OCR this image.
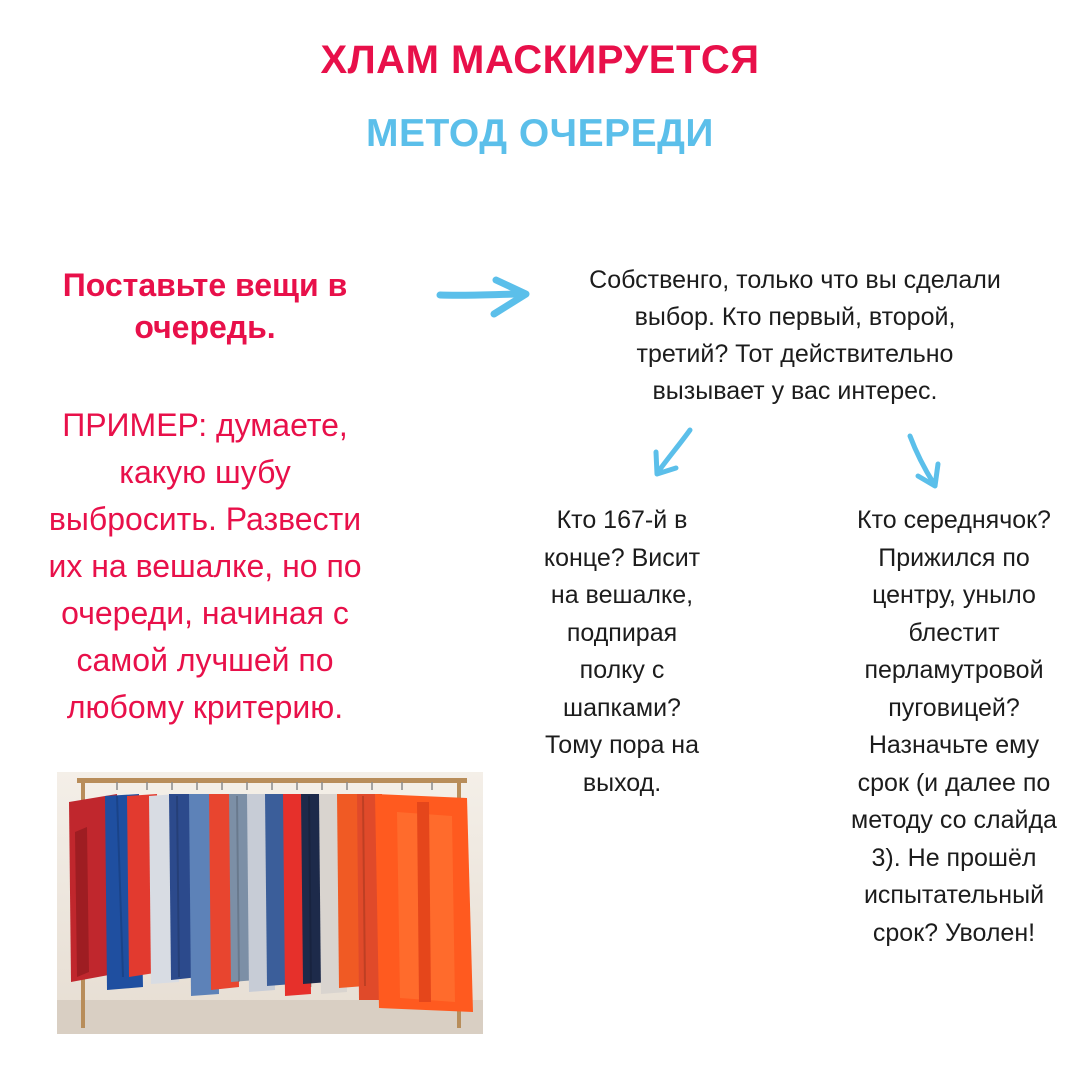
ХЛАМ МАСКИРУЕТСЯ
МЕТОД ОЧЕРЕДИ
Поставьте вещи в
очередь.
ПРИМЕР: думаете,
какую шубу
выбросить. Развести
их на вешалке, но по
очереди, начиная с
самой лучшей по
любому критерию.
Собственго, только что вы сделали
выбор. Кто первый, второй,
третий? Тот действительно
вызывает у вас интерес.
Кто 167-й в
конце? Висит
на вешалке,
подпирая
полку с
шапками?
Тому пора на
выход.
Кто середнячок?
Прижился по
центру, уныло
блестит
перламутровой
пуговицей?
Назначьте ему
срок (и далее по
методу со слайда
3). Не прошёл
испытательный
срок? Уволен!
